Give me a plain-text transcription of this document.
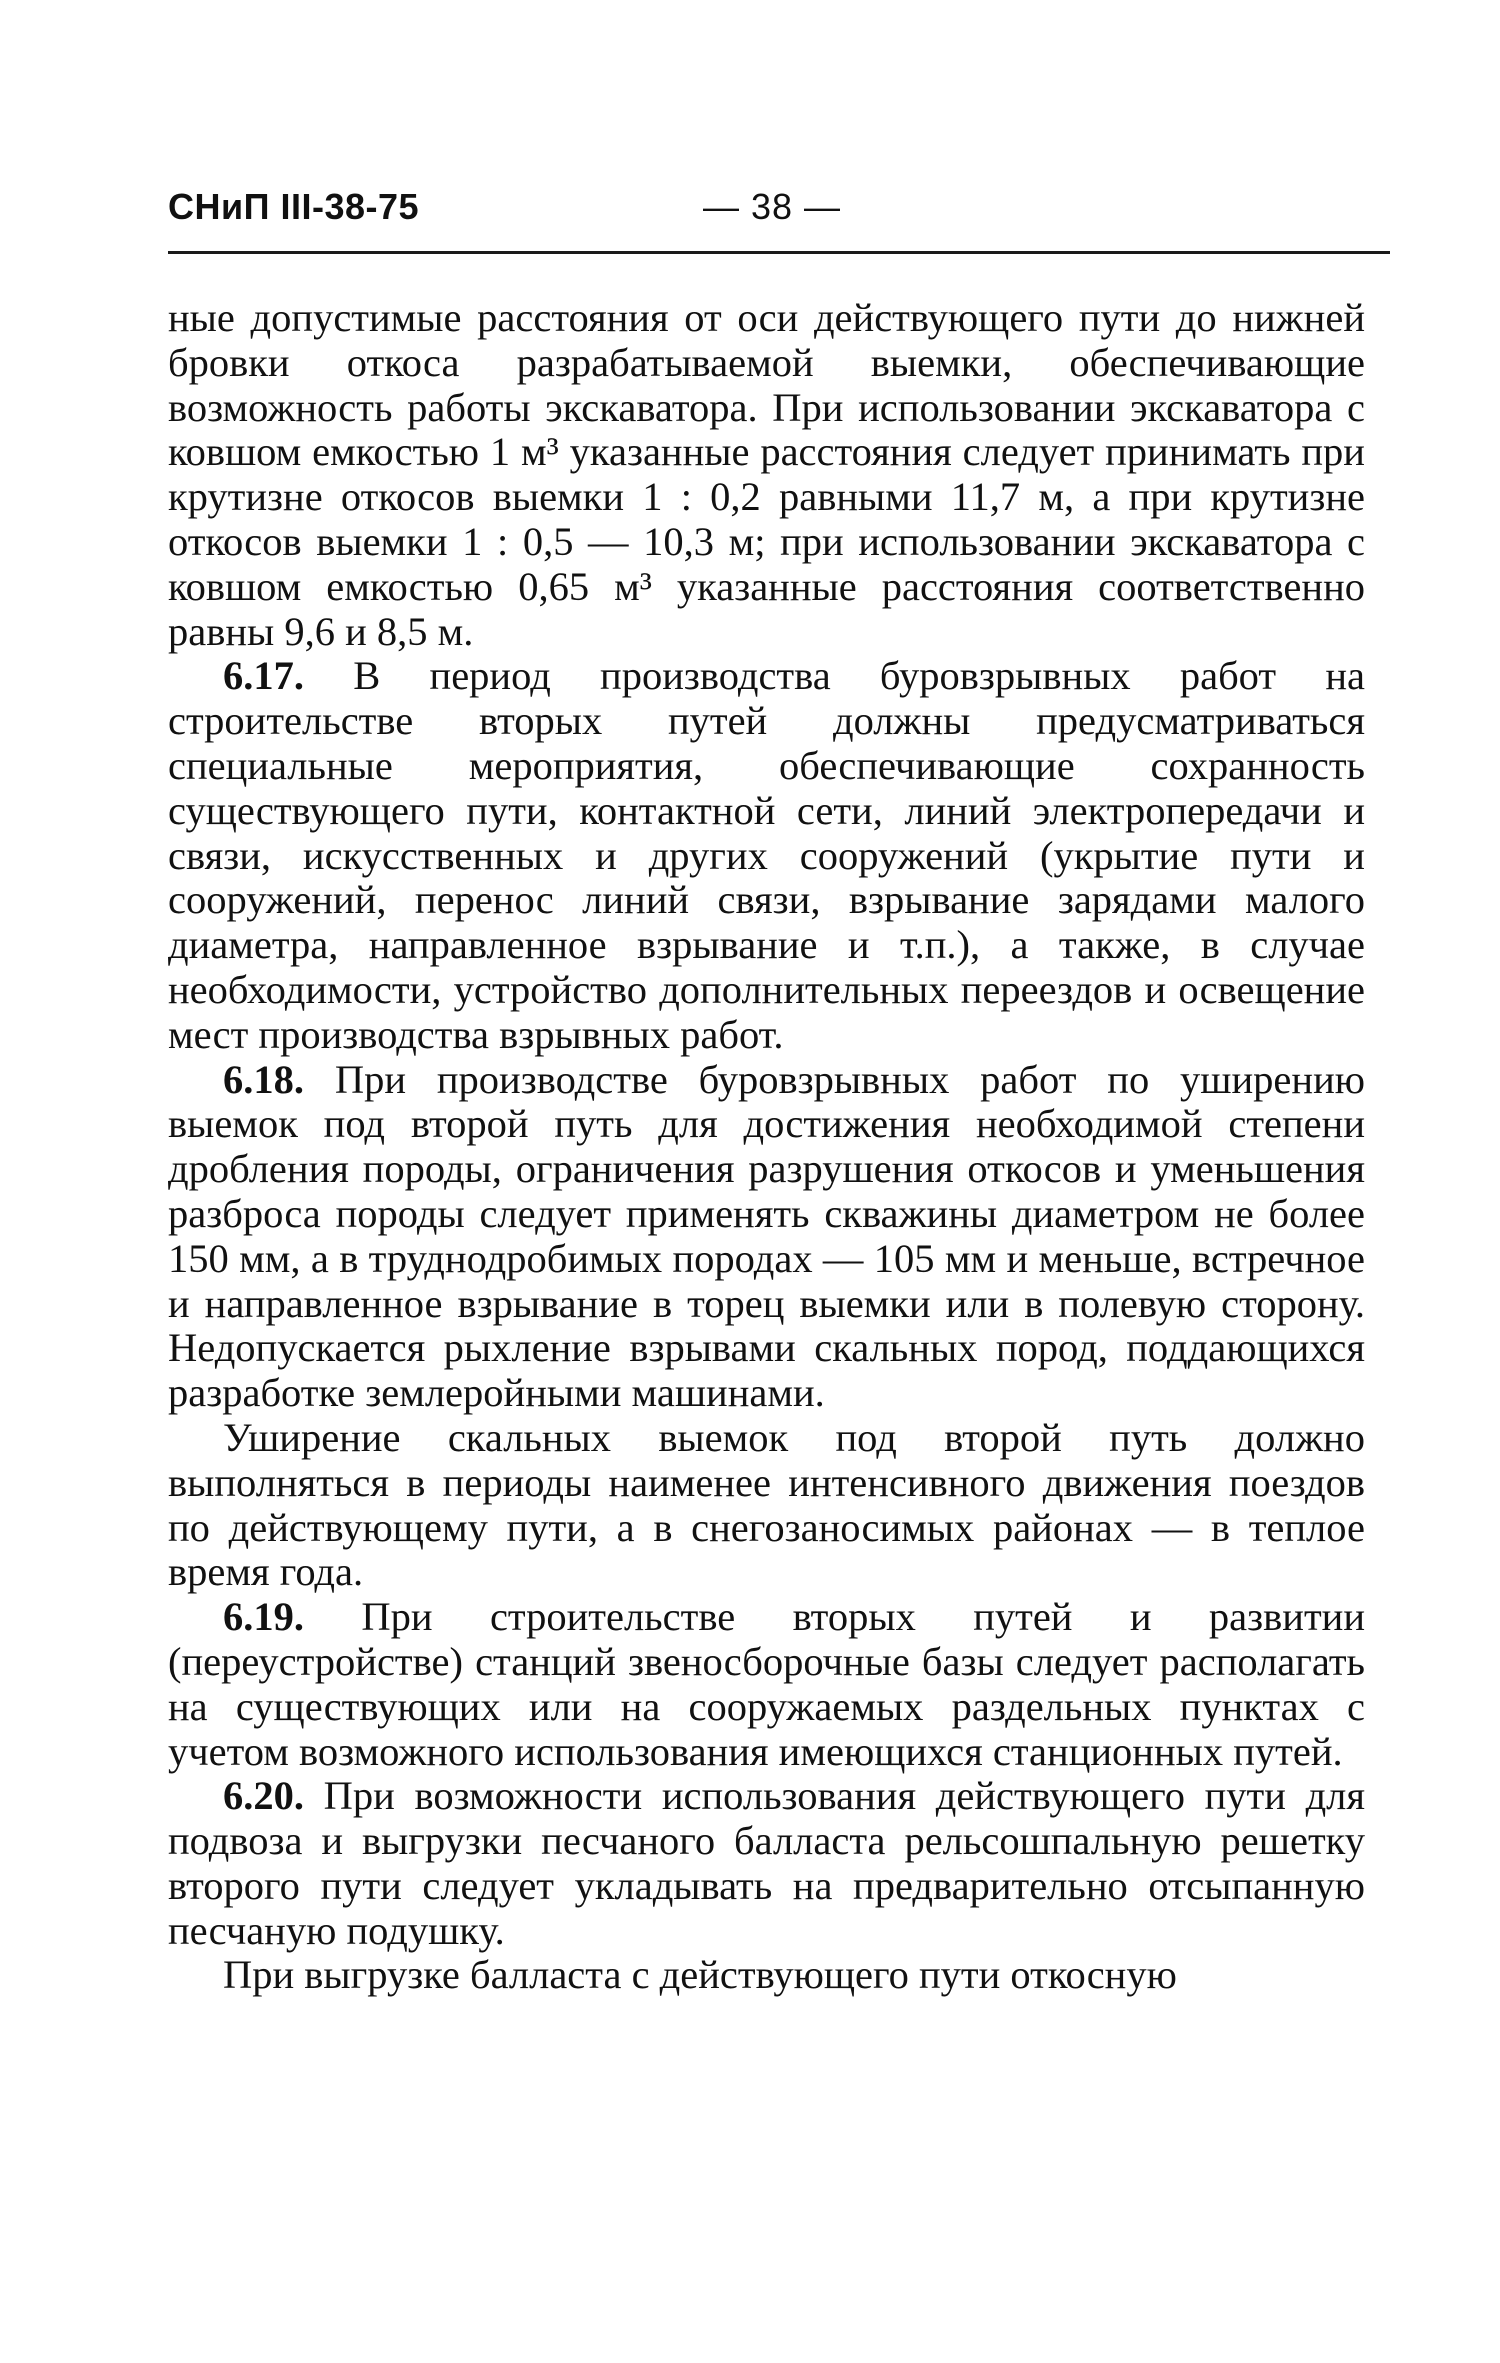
СНиП III-38-75	— 38 —

ные допустимые расстояния от оси действующего пути до нижней бровки откоса разрабатываемой выемки, обеспечивающие возможность работы экскаватора. При использовании экскаватора с ковшом емкостью 1 м³ указанные расстояния следует принимать при крутизне откосов выемки 1 : 0,2 равными 11,7 м, а при крутизне откосов выемки 1 : 0,5 — 10,3 м; при использовании экскаватора с ковшом емкостью 0,65 м³ указанные расстояния соответственно равны 9,6 и 8,5 м.

6.17. В период производства буровзрывных работ на строительстве вторых путей должны предусматриваться специальные мероприятия, обеспечивающие сохранность существующего пути, контактной сети, линий электропередачи и связи, искусственных и других сооружений (укрытие пути и сооружений, перенос линий связи, взрывание зарядами малого диаметра, направленное взрывание и т.п.), а также, в случае необходимости, устройство дополнительных переездов и освещение мест производства взрывных работ.

6.18. При производстве буровзрывных работ по уширению выемок под второй путь для достижения необходимой степени дробления породы, ограничения разрушения откосов и уменьшения разброса породы следует применять скважины диаметром не более 150 мм, а в труднодробимых породах — 105 мм и меньше, встречное и направленное взрывание в торец выемки или в полевую сторону. Недопускается рыхление взрывами скальных пород, поддающихся разработке землеройными машинами.

Уширение скальных выемок под второй путь должно выполняться в периоды наименее интенсивного движения поездов по действующему пути, а в снегозаносимых районах — в теплое время года.

6.19. При строительстве вторых путей и развитии (переустройстве) станций звеносборочные базы следует располагать на существующих или на сооружаемых раздельных пунктах с учетом возможного использования имеющихся станционных путей.

6.20. При возможности использования действующего пути для подвоза и выгрузки песчаного балласта рельсошпальную решетку второго пути следует укладывать на предварительно отсыпанную песчаную подушку.

При выгрузке балласта с действующего пути откосную
